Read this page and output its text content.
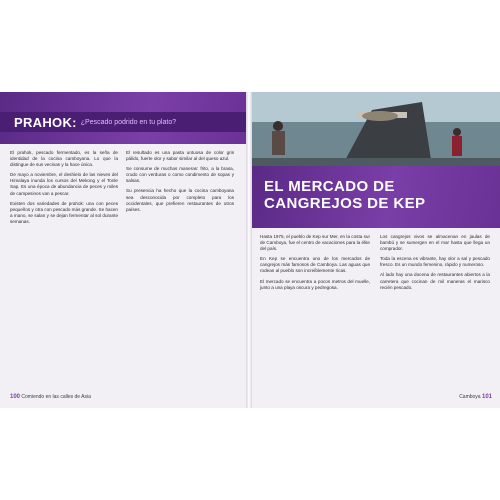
PRAHOK: ¿Pescado podrido en tu plato?

El prahok, pescado fermentado, es la seña de identidad de la cocina camboyana. Lo que la distingue de sus vecinas y la hace única.

De mayo a noviembre, el deshielo de las nieves del Himalaya inunda los cursos del Mekong y el Tonle Sap. Es una época de abundancia de peces y miles de campesinos van a pescar.

Existen dos variedades de prahok: una con peces pequeños y otra con pescado más grande. Se hacen a mano, se salan y se dejan fermentar al sol durante semanas.

El resultado es una pasta untuosa de color gris pálido, fuerte olor y sabor similar al del queso azul.

Se consume de muchas maneras: frito, a la brasa, crudo con verduras o como condimento de sopas y salsas.

Su presencia ha hecho que la cocina camboyana sea desconocida por completo para los occidentales, que prefieren restaurantes de otros países.

100 Comiendo en las calles de Asia
EL MERCADO DE CANGREJOS DE KEP

Hasta 1975, el pueblo de Kep sur Mer, en la costa sur de Camboya, fue el centro de vacaciones para la élite del país.

En Kep se encuentra uno de los mercados de cangrejos más famosos de Camboya. Las aguas que rodean al pueblo son increíblemente ricas.

El mercado se encuentra a pocos metros del muelle, junto a una playa oscura y pedregosa.

Los cangrejos vivos se almacenan en jaulas de bambú y se sumergen en el mar hasta que llega un comprador.

Toda la escena es vibrante, hay olor a sal y pescado fresco. Es un mundo femenino, rápido y numeroso.

Al lado hay una docena de restaurantes abiertos a la carretera que cocinan de mil maneras el marisco recién pescado.

Camboya 101
